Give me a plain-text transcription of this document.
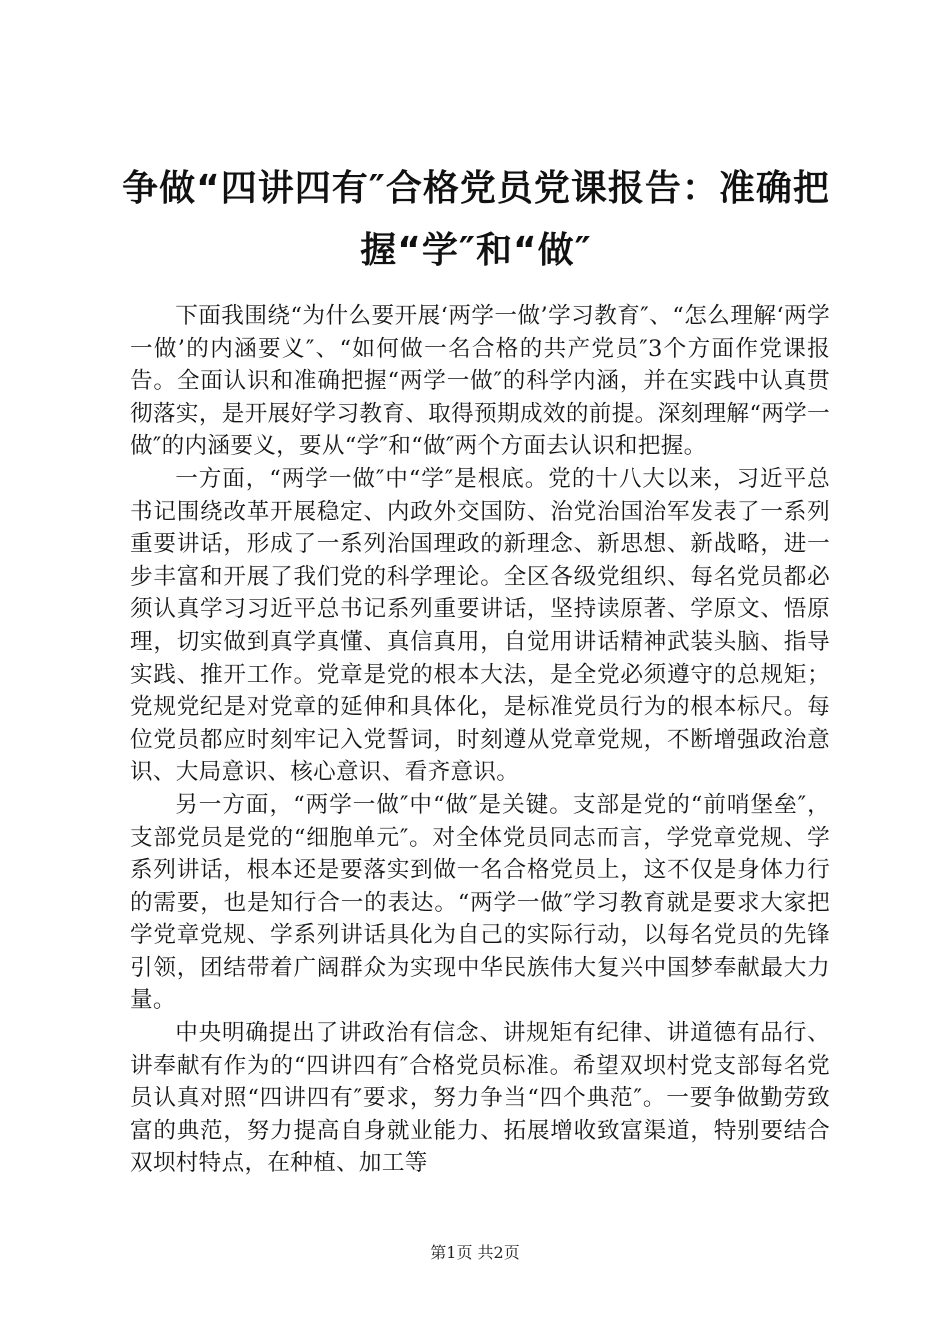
争做“四讲四有″合格党员党课报告：准确把握“学″和“做″

下面我围绕“为什么要开展‘两学一做’学习教育″、“怎么理解‘两学一做’的内涵要义″、“如何做一名合格的共产党员″3个方面作党课报告。全面认识和准确把握“两学一做″的科学内涵，并在实践中认真贯彻落实，是开展好学习教育、取得预期成效的前提。深刻理解“两学一做″的内涵要义，要从“学″和“做″两个方面去认识和把握。

一方面，“两学一做″中“学″是根底。党的十八大以来，习近平总书记围绕改革开展稳定、内政外交国防、治党治国治军发表了一系列重要讲话，形成了一系列治国理政的新理念、新思想、新战略，进一步丰富和开展了我们党的科学理论。全区各级党组织、每名党员都必须认真学习习近平总书记系列重要讲话，坚持读原著、学原文、悟原理，切实做到真学真懂、真信真用，自觉用讲话精神武装头脑、指导实践、推开工作。党章是党的根本大法，是全党必须遵守的总规矩；党规党纪是对党章的延伸和具体化，是标准党员行为的根本标尺。每位党员都应时刻牢记入党誓词，时刻遵从党章党规，不断增强政治意识、大局意识、核心意识、看齐意识。

另一方面，“两学一做″中“做″是关键。支部是党的“前哨堡垒″，支部党员是党的“细胞单元″。对全体党员同志而言，学党章党规、学系列讲话，根本还是要落实到做一名合格党员上，这不仅是身体力行的需要，也是知行合一的表达。“两学一做″学习教育就是要求大家把学党章党规、学系列讲话具化为自己的实际行动，以每名党员的先锋引领，团结带着广阔群众为实现中华民族伟大复兴中国梦奉献最大力量。

中央明确提出了讲政治有信念、讲规矩有纪律、讲道德有品行、讲奉献有作为的“四讲四有″合格党员标准。希望双坝村党支部每名党员认真对照“四讲四有″要求，努力争当“四个典范″。一要争做勤劳致富的典范，努力提高自身就业能力、拓展增收致富渠道，特别要结合双坝村特点，在种植、加工等

第1页 共2页
